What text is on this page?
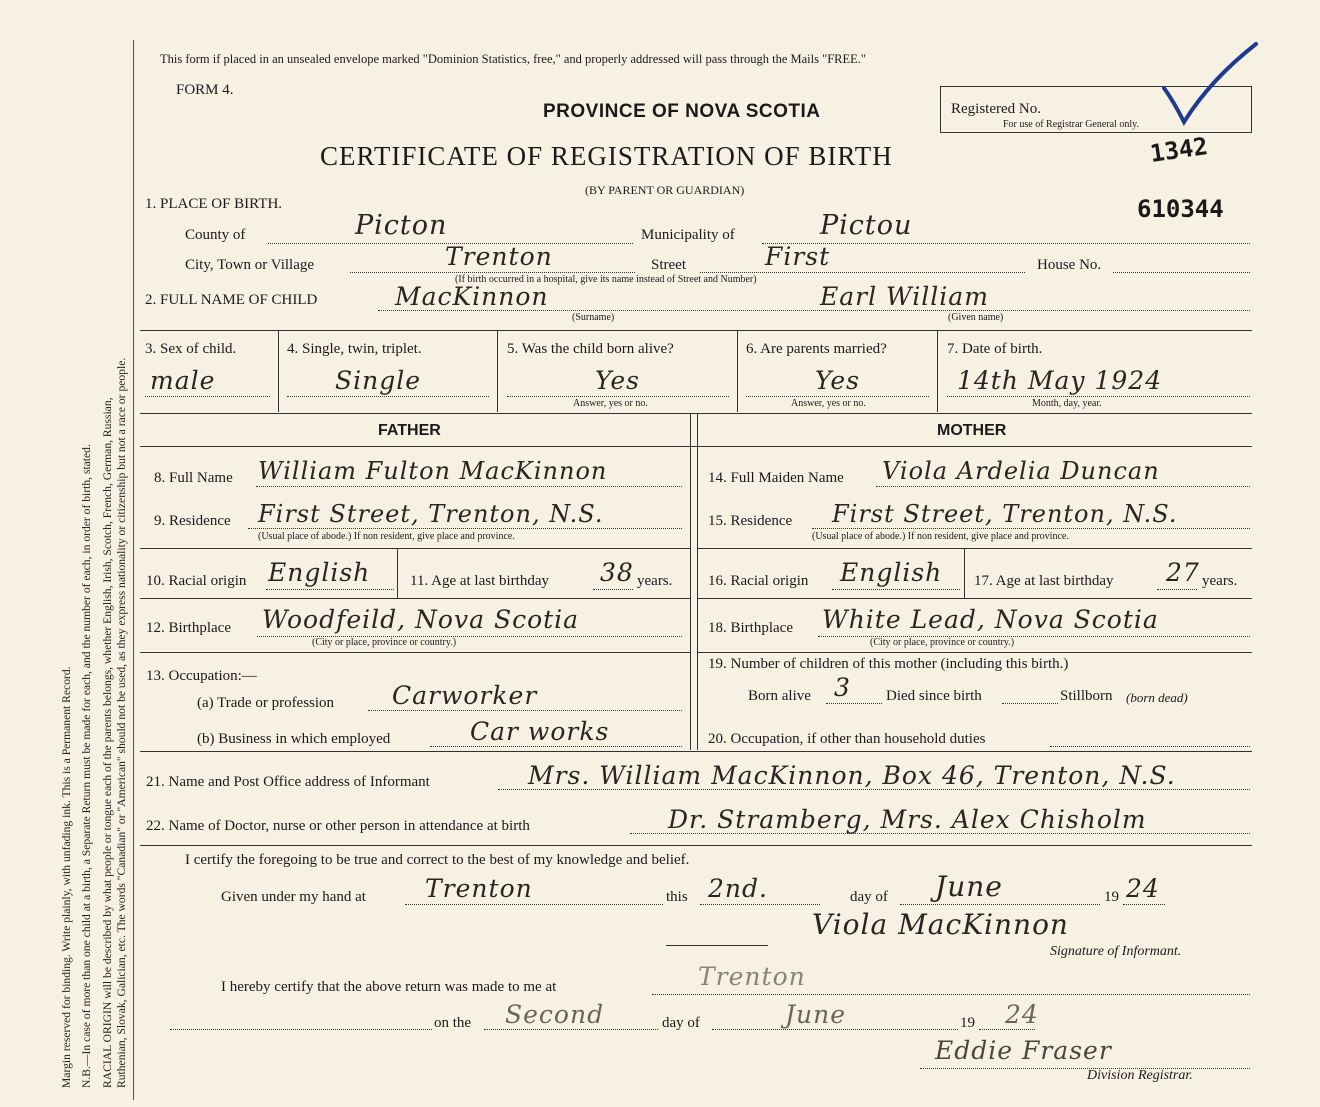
Margin reserved for binding. Write plainly, with unfading ink. This is a Permanent Record. N.B.—In case of more than one child at a birth, a Separate Return must be made for each, and the number of each, in order of birth, stated. RACIAL ORIGIN will be described by what people or tongue each of the parents belongs, whether English, Irish, Scotch, French, German, Russian, Ruthenian, Slovak, Galician, etc. The words "Canadian" or "American" should not be used, as they express nationality or citizenship but not a race or people.
This form if placed in an unsealed envelope marked "Dominion Statistics, free," and properly addressed will pass through the Mails "FREE."
FORM 4.
PROVINCE OF NOVA SCOTIA
CERTIFICATE OF REGISTRATION OF BIRTH
(BY PARENT OR GUARDIAN)
Registered No.
For use of Registrar General only.
1342
610344
1. PLACE OF BIRTH.
County of	Picton	Municipality of	Pictou
City, Town or Village	Trenton	Street	First	House No.
(If birth occurred in a hospital, give its name instead of Street and Number)
2. FULL NAME OF CHILD	MacKinnon
(Surname)
Earl William
(Given name)
3. Sex of child.
male
4. Single, twin, triplet.
Single
5. Was the child born alive?
Yes
Answer, yes or no.
6. Are parents married?
Yes
Answer, yes or no.
7. Date of birth.
14th May 1924
Month, day, year.
FATHER	MOTHER
8. Full Name William Fulton MacKinnon
9. Residence First Street, Trenton, N.S.
(Usual place of abode.) If non resident, give place and province.
10. Racial origin English	11. Age at last birthday 38 years.
12. Birthplace Woodfeild, Nova Scotia
(City or place, province or country.)
13. Occupation:—
(a) Trade or profession Carworker
(b) Business in which employed	Car works
14. Full Maiden Name Viola Ardelia Duncan
15. Residence First Street, Trenton, N.S.
(Usual place of abode.) If non resident, give place and province.
16. Racial origin English 17. Age at last birthday 27 years.
18. Birthplace White Lead, Nova Scotia
(City or place, province or country.)
19. Number of children of this mother (including this birth.)
Born alive 3 Died since birth	Stillborn (born dead)
20. Occupation, if other than household duties
21. Name and Post Office address of Informant	Mrs. William MacKinnon, Box 46, Trenton, N.S.
22. Name of Doctor, nurse or other person in attendance at birth	Dr. Stramberg, Mrs. Alex Chisholm
I certify the foregoing to be true and correct to the best of my knowledge and belief.
Given under my hand at Trenton	this 2nd.	day of June	19 24
Viola MacKinnon
Signature of Informant.
I hereby certify that the above return was made to me at	Trenton
on the Second	day of	June	19 24
Eddie Fraser
Division Registrar.
